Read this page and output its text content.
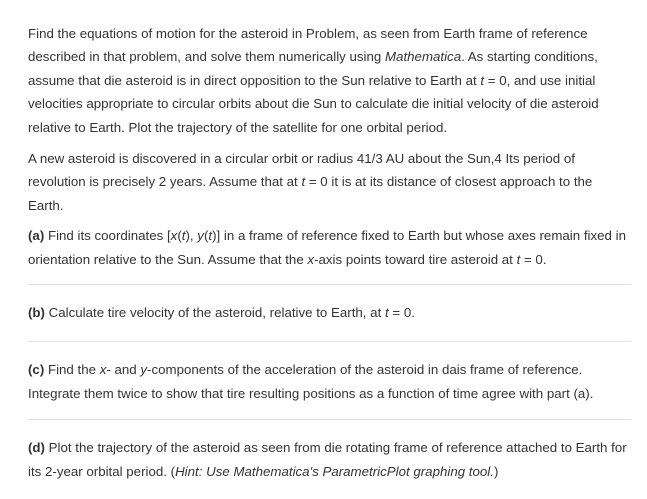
Find the equations of motion for the asteroid in Problem, as seen from Earth frame of reference described in that problem, and solve them numerically using Mathematica. As starting conditions, assume that die asteroid is in direct opposition to the Sun relative to Earth at t = 0, and use initial velocities appropriate to circular orbits about die Sun to calculate die initial velocity of die asteroid relative to Earth. Plot the trajectory of the satellite for one orbital period.

A new asteroid is discovered in a circular orbit or radius 41/3 AU about the Sun,4 Its period of revolution is precisely 2 years. Assume that at t = 0 it is at its distance of closest approach to the Earth.

(a) Find its coordinates [x(t), y(t)] in a frame of reference fixed to Earth but whose axes remain fixed in orientation relative to the Sun. Assume that the x-axis points toward tire asteroid at t = 0.

(b) Calculate tire velocity of the asteroid, relative to Earth, at t = 0.

(c) Find the x- and y-components of the acceleration of the asteroid in dais frame of reference. Integrate them twice to show that tire resulting positions as a function of time agree with part (a).

(d) Plot the trajectory of the asteroid as seen from die rotating frame of reference attached to Earth for its 2-year orbital period. (Hint: Use Mathematica's ParametricPlot graphing tool.)
